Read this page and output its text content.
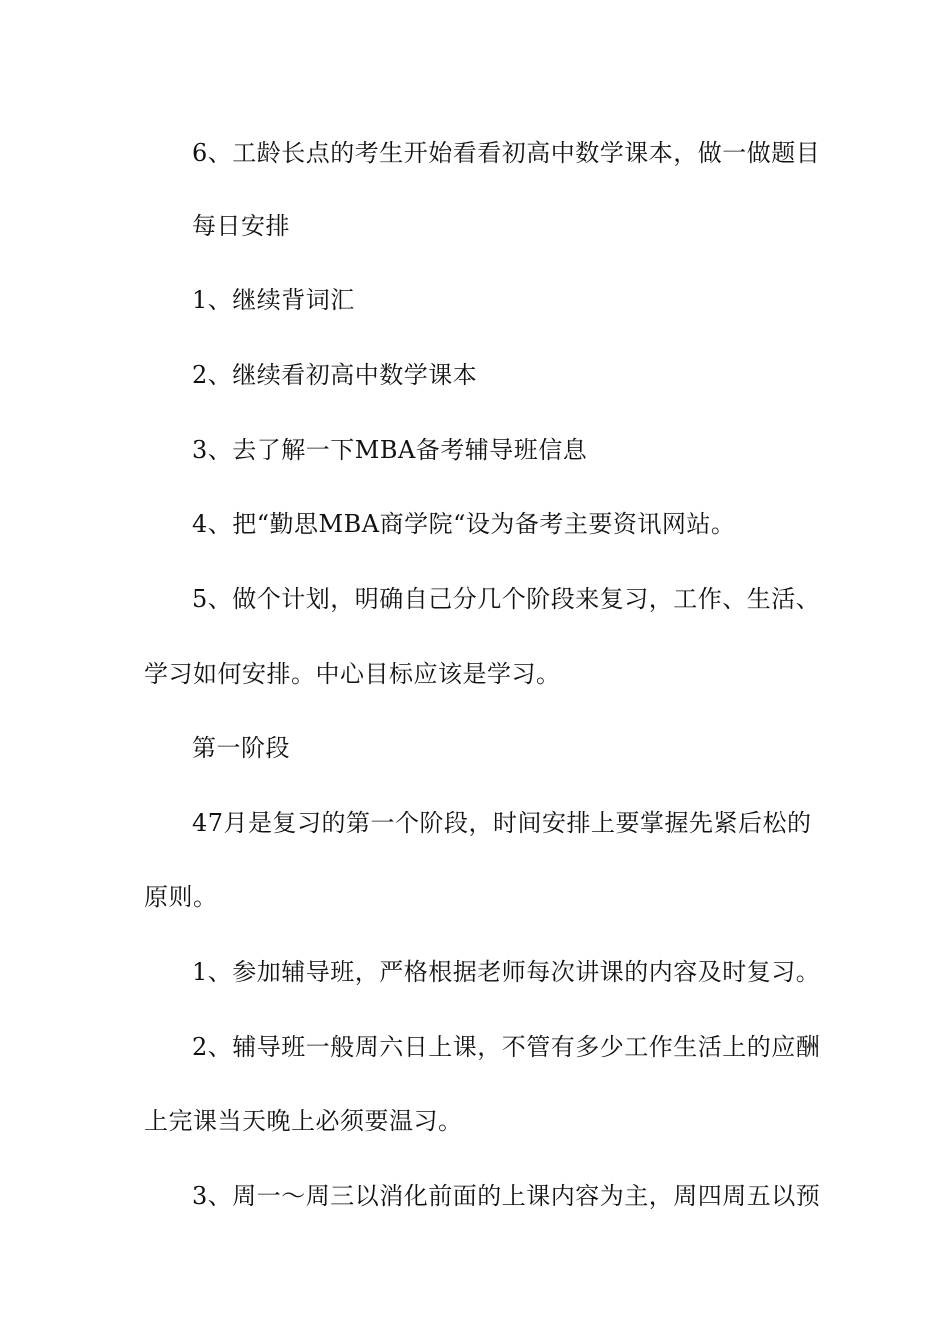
6、工龄长点的考生开始看看初高中数学课本，做一做题目
每日安排
1、继续背词汇
2、继续看初高中数学课本
3、去了解一下MBA备考辅导班信息
4、把“勤思MBA商学院“设为备考主要资讯网站。
5、做个计划，明确自己分几个阶段来复习，工作、生活、
学习如何安排。中心目标应该是学习。
第一阶段
47月是复习的第一个阶段，时间安排上要掌握先紧后松的
原则。
1、参加辅导班，严格根据老师每次讲课的内容及时复习。
2、辅导班一般周六日上课，不管有多少工作生活上的应酬
上完课当天晚上必须要温习。
3、周一～周三以消化前面的上课内容为主，周四周五以预
